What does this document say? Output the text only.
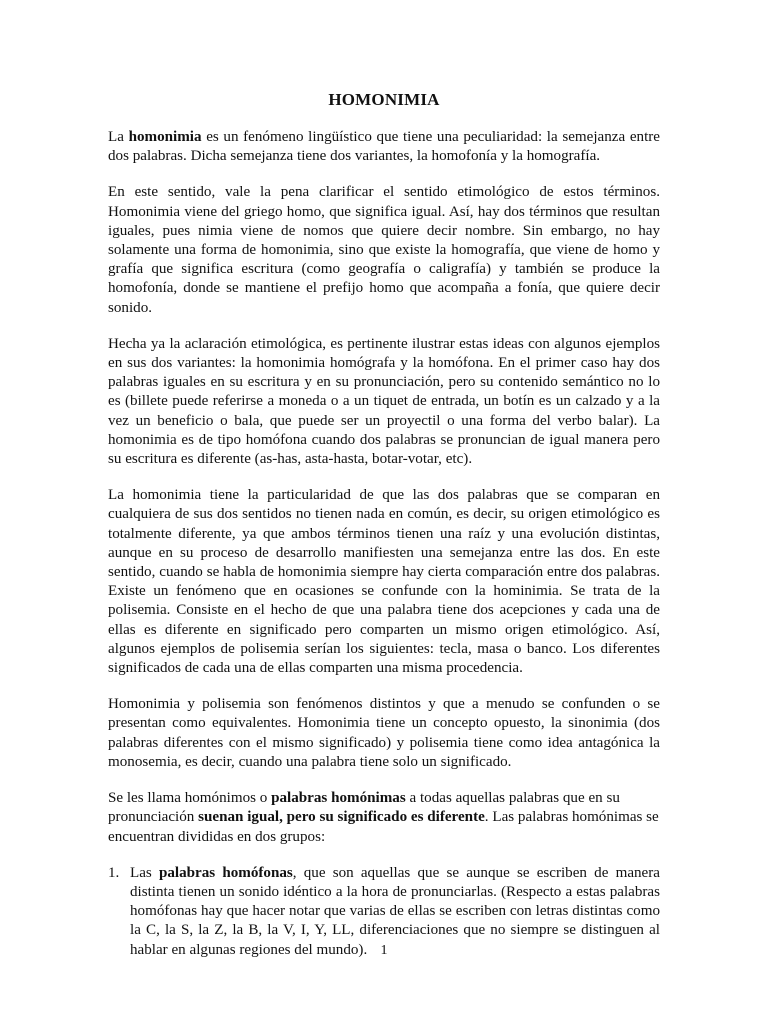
HOMONIMIA

La homonimia es un fenómeno lingüístico que tiene una peculiaridad: la semejanza entre dos palabras. Dicha semejanza tiene dos variantes, la homofonía y la homografía.

En este sentido, vale la pena clarificar el sentido etimológico de estos términos. Homonimia viene del griego homo, que significa igual. Así, hay dos términos que resultan iguales, pues nimia viene de nomos que quiere decir nombre. Sin embargo, no hay solamente una forma de homonimia, sino que existe la homografía, que viene de homo y grafía que significa escritura (como geografía o caligrafía) y también se produce la homofonía, donde se mantiene el prefijo homo que acompaña a fonía, que quiere decir sonido.

Hecha ya la aclaración etimológica, es pertinente ilustrar estas ideas con algunos ejemplos en sus dos variantes: la homonimia homógrafa y la homófona. En el primer caso hay dos palabras iguales en su escritura y en su pronunciación, pero su contenido semántico no lo es (billete puede referirse a moneda o a un tiquet de entrada, un botín es un calzado y a la vez un beneficio o bala, que puede ser un proyectil o una forma del verbo balar). La homonimia es de tipo homófona cuando dos palabras se pronuncian de igual manera pero su escritura es diferente (as-has, asta-hasta, botar-votar, etc).

La homonimia tiene la particularidad de que las dos palabras que se comparan en cualquiera de sus dos sentidos no tienen nada en común, es decir, su origen etimológico es totalmente diferente, ya que ambos términos tienen una raíz y una evolución distintas, aunque en su proceso de desarrollo manifiesten una semejanza entre las dos. En este sentido, cuando se habla de homonimia siempre hay cierta comparación entre dos palabras. Existe un fenómeno que en ocasiones se confunde con la hominimia. Se trata de la polisemia. Consiste en el hecho de que una palabra tiene dos acepciones y cada una de ellas es diferente en significado pero comparten un mismo origen etimológico. Así, algunos ejemplos de polisemia serían los siguientes: tecla, masa o banco. Los diferentes significados de cada una de ellas comparten una misma procedencia.

Homonimia y polisemia son fenómenos distintos y que a menudo se confunden o se presentan como equivalentes. Homonimia tiene un concepto opuesto, la sinonimia (dos palabras diferentes con el mismo significado) y polisemia tiene como idea antagónica la monosemia, es decir, cuando una palabra tiene solo un significado.

Se les llama homónimos o palabras homónimas a todas aquellas palabras que en su pronunciación suenan igual, pero su significado es diferente. Las palabras homónimas se encuentran divididas en dos grupos:

1. Las palabras homófonas, que son aquellas que se aunque se escriben de manera distinta tienen un sonido idéntico a la hora de pronunciarlas. (Respecto a estas palabras homófonas hay que hacer notar que varias de ellas se escriben con letras distintas como la C, la S, la Z, la B, la V, I, Y, LL, diferenciaciones que no siempre se distinguen al hablar en algunas regiones del mundo). 1
